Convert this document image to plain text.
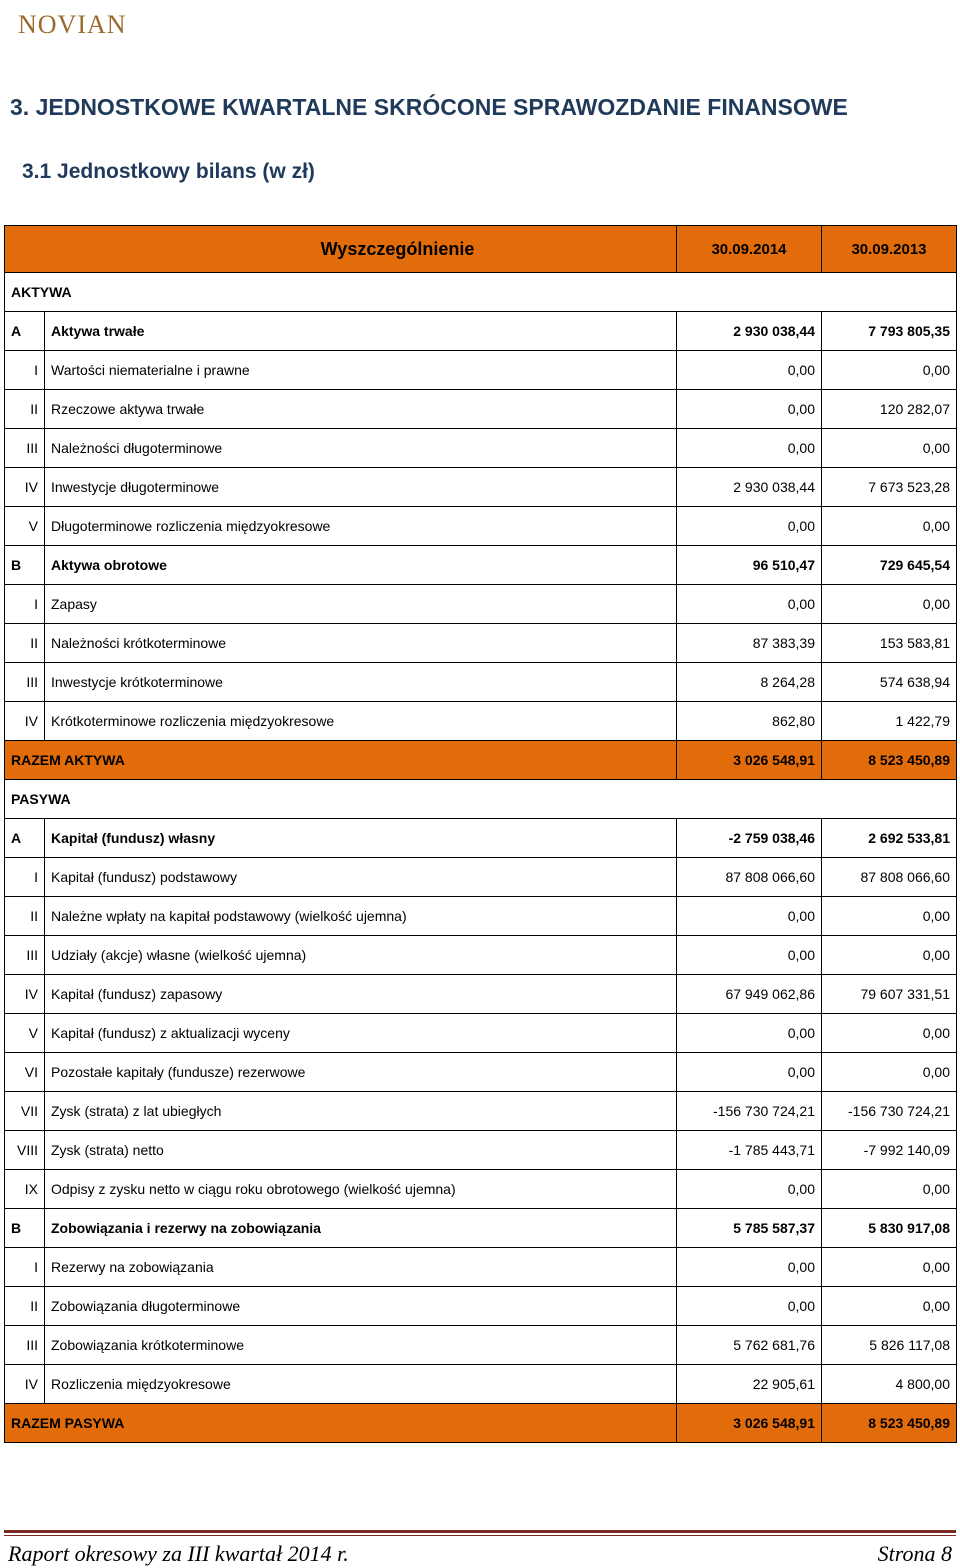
NOVIAN
3. JEDNOSTKOWE KWARTALNE SKRÓCONE SPRAWOZDANIE FINANSOWE
3.1 Jednostkowy bilans (w zł)
Wyszczególnienie		30.09.2014	30.09.2013
AKTYWA			
A	Aktywa trwałe	2 930 038,44	7 793 805,35
I	Wartości niematerialne i prawne	0,00	0,00
II	Rzeczowe aktywa trwałe	0,00	120 282,07
III	Należności długoterminowe	0,00	0,00
IV	Inwestycje długoterminowe	2 930 038,44	7 673 523,28
V	Długoterminowe rozliczenia międzyokresowe	0,00	0,00
B	Aktywa obrotowe	96 510,47	729 645,54
I	Zapasy	0,00	0,00
II	Należności krótkoterminowe	87 383,39	153 583,81
III	Inwestycje krótkoterminowe	8 264,28	574 638,94
IV	Krótkoterminowe rozliczenia międzyokresowe	862,80	1 422,79
RAZEM AKTYWA		3 026 548,91	8 523 450,89
PASYWA			
A	Kapitał (fundusz) własny	-2 759 038,46	2 692 533,81
I	Kapitał (fundusz) podstawowy	87 808 066,60	87 808 066,60
II	Należne wpłaty na kapitał podstawowy (wielkość ujemna)	0,00	0,00
III	Udziały (akcje) własne (wielkość ujemna)	0,00	0,00
IV	Kapitał (fundusz) zapasowy	67 949 062,86	79 607 331,51
V	Kapitał (fundusz) z aktualizacji wyceny	0,00	0,00
VI	Pozostałe kapitały (fundusze) rezerwowe	0,00	0,00
VII	Zysk (strata) z lat ubiegłych	-156 730 724,21	-156 730 724,21
VIII	Zysk (strata) netto	-1 785 443,71	-7 992 140,09
IX	Odpisy z zysku netto w ciągu roku obrotowego (wielkość ujemna)	0,00	0,00
B	Zobowiązania i rezerwy na zobowiązania	5 785 587,37	5 830 917,08
I	Rezerwy na zobowiązania	0,00	0,00
II	Zobowiązania długoterminowe	0,00	0,00
III	Zobowiązania krótkoterminowe	5 762 681,76	5 826 117,08
IV	Rozliczenia międzyokresowe	22 905,61	4 800,00
RAZEM PASYWA		3 026 548,91	8 523 450,89
Raport okresowy za III kwartał 2014 r.	Strona 8
